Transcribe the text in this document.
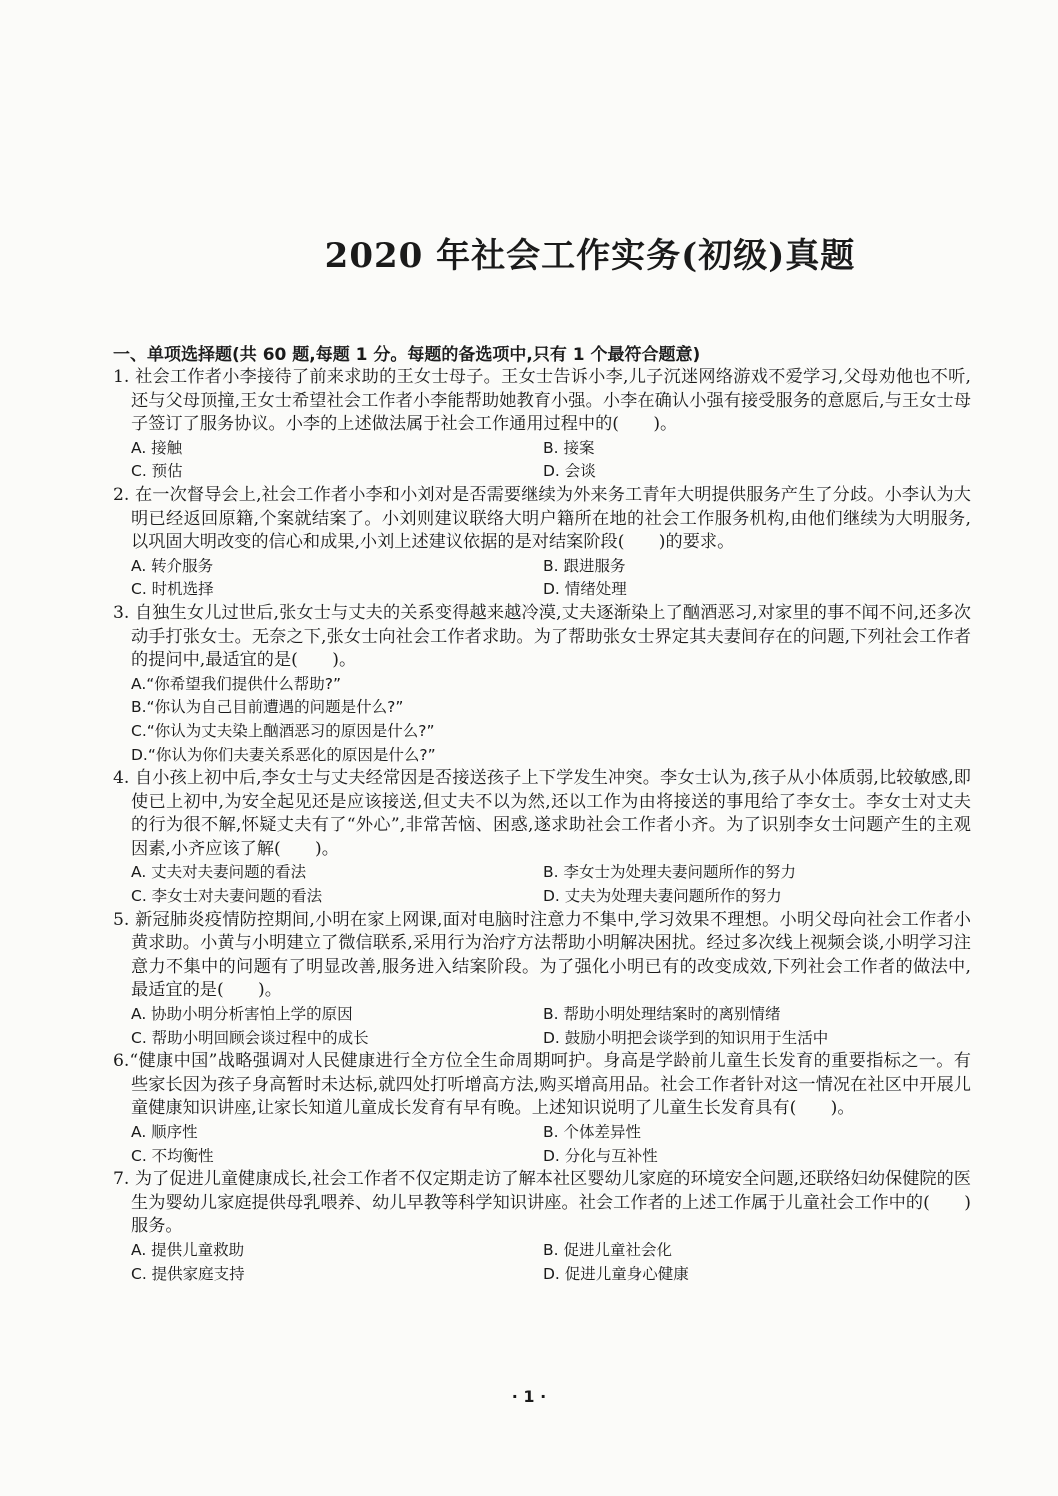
2020 年社会工作实务(初级)真题
一、单项选择题(共 60 题,每题 1 分。每题的备选项中,只有 1 个最符合题意)
1. 社会工作者小李接待了前来求助的王女士母子。王女士告诉小李,儿子沉迷网络游戏不爱学习,父母劝他也不听,还与父母顶撞,王女士希望社会工作者小李能帮助她教育小强。小李在确认小强有接受服务的意愿后,与王女士母子签订了服务协议。小李的上述做法属于社会工作通用过程中的(　　)。
A. 接触	B. 接案
C. 预估	D. 会谈
2. 在一次督导会上,社会工作者小李和小刘对是否需要继续为外来务工青年大明提供服务产生了分歧。小李认为大明已经返回原籍,个案就结案了。小刘则建议联络大明户籍所在地的社会工作服务机构,由他们继续为大明服务,以巩固大明改变的信心和成果,小刘上述建议依据的是对结案阶段(　　)的要求。
A. 转介服务	B. 跟进服务
C. 时机选择	D. 情绪处理
3. 自独生女儿过世后,张女士与丈夫的关系变得越来越冷漠,丈夫逐渐染上了酗酒恶习,对家里的事不闻不问,还多次动手打张女士。无奈之下,张女士向社会工作者求助。为了帮助张女士界定其夫妻间存在的问题,下列社会工作者的提问中,最适宜的是(　　)。
A.“你希望我们提供什么帮助?”
B.“你认为自己目前遭遇的问题是什么?”
C.“你认为丈夫染上酗酒恶习的原因是什么?”
D.“你认为你们夫妻关系恶化的原因是什么?”
4. 自小孩上初中后,李女士与丈夫经常因是否接送孩子上下学发生冲突。李女士认为,孩子从小体质弱,比较敏感,即使已上初中,为安全起见还是应该接送,但丈夫不以为然,还以工作为由将接送的事甩给了李女士。李女士对丈夫的行为很不解,怀疑丈夫有了“外心”,非常苦恼、困惑,遂求助社会工作者小齐。为了识别李女士问题产生的主观因素,小齐应该了解(　　)。
A. 丈夫对夫妻问题的看法	B. 李女士为处理夫妻问题所作的努力
C. 李女士对夫妻问题的看法	D. 丈夫为处理夫妻问题所作的努力
5. 新冠肺炎疫情防控期间,小明在家上网课,面对电脑时注意力不集中,学习效果不理想。小明父母向社会工作者小黄求助。小黄与小明建立了微信联系,采用行为治疗方法帮助小明解决困扰。经过多次线上视频会谈,小明学习注意力不集中的问题有了明显改善,服务进入结案阶段。为了强化小明已有的改变成效,下列社会工作者的做法中,最适宜的是(　　)。
A. 协助小明分析害怕上学的原因	B. 帮助小明处理结案时的离别情绪
C. 帮助小明回顾会谈过程中的成长	D. 鼓励小明把会谈学到的知识用于生活中
6.“健康中国”战略强调对人民健康进行全方位全生命周期呵护。身高是学龄前儿童生长发育的重要指标之一。有些家长因为孩子身高暂时未达标,就四处打听增高方法,购买增高用品。社会工作者针对这一情况在社区中开展儿童健康知识讲座,让家长知道儿童成长发育有早有晚。上述知识说明了儿童生长发育具有(　　)。
A. 顺序性	B. 个体差异性
C. 不均衡性	D. 分化与互补性
7. 为了促进儿童健康成长,社会工作者不仅定期走访了解本社区婴幼儿家庭的环境安全问题,还联络妇幼保健院的医生为婴幼儿家庭提供母乳喂养、幼儿早教等科学知识讲座。社会工作者的上述工作属于儿童社会工作中的(　　)服务。
A. 提供儿童救助	B. 促进儿童社会化
C. 提供家庭支持	D. 促进儿童身心健康
· 1 ·
